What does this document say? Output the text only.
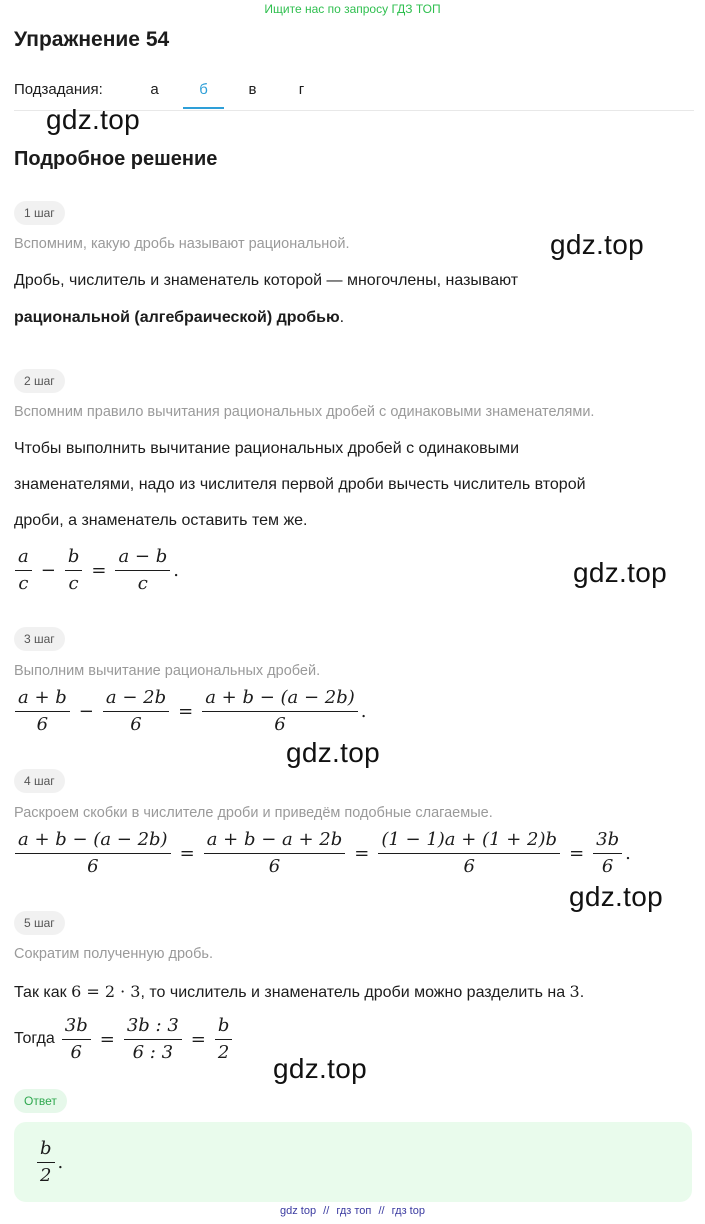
Ищите нас по запросу ГДЗ ТОП
Упражнение 54
Подзадания:	а	б	в	г
gdz.top
Подробное решение
1 шаг
Вспомним, какую дробь называют рациональной.	gdz.top
Дробь, числитель и знаменатель которой — многочлены, называют
рациональной (алгебраической) дробью.
2 шаг
Вспомним правило вычитания рациональных дробей с одинаковыми знаменателями.
Чтобы выполнить вычитание рациональных дробей с одинаковыми
знаменателями, надо из числителя первой дроби вычесть числитель второй
дроби, а знаменатель оставить тем же.
$\frac{a}{c} - \frac{b}{c} = \frac{a - b}{c}$ .	gdz.top
3 шаг
Выполним вычитание рациональных дробей.
$\frac{a + b}{6} - \frac{a - 2b}{6} = \frac{a + b - (a - 2b)}{6}$ .
gdz.top
4 шаг
Раскроем скобки в числителе дроби и приведём подобные слагаемые.
$\frac{a + b - (a - 2b)}{6} = \frac{a + b - a + 2b}{6} = \frac{(1 - 1)a + (1 + 2)b}{6} = \frac{3b}{6}$ .
gdz.top
5 шаг
Сократим полученную дробь.
Так как 6 = 2 · 3, то числитель и знаменатель дроби можно разделить на 3.
Тогда $\frac{3b}{6} = \frac{3b : 3}{6 : 3} = \frac{b}{2}$
gdz.top
Ответ
$\frac{b}{2}$ .
gdz top // гдз топ // гдз top
